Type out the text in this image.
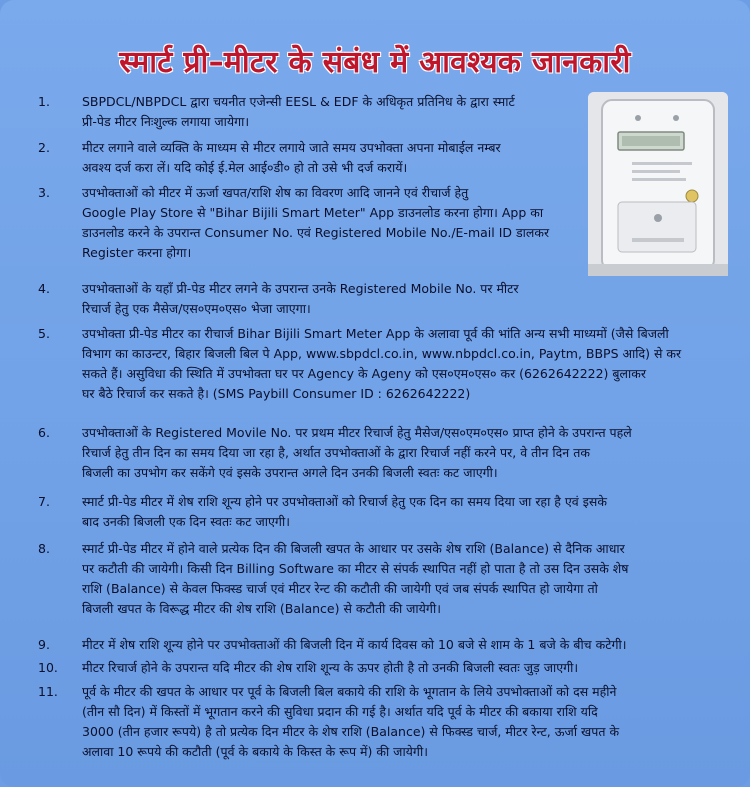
स्मार्ट प्री–मीटर के संबंध में आवश्यक जानकारी
1.	SBPDCL/NBPDCL द्वारा चयनीत एजेन्सी EESL & EDF के अधिकृत प्रतिनिध के द्वारा स्मार्ट
प्री-पेड मीटर निःशुल्क लगाया जायेगा।
2.	मीटर लगाने वाले व्यक्ति के माध्यम से मीटर लगाये जाते समय उपभोक्ता अपना मोबाईल नम्बर
अवश्य दर्ज करा लें। यदि कोई ई.मेल आई०डी० हो तो उसे भी दर्ज करायें।
3.	उपभोक्ताओं को मीटर में ऊर्जा खपत/राशि शेष का विवरण आदि जानने एवं रीचार्ज हेतु
Google Play Store से "Bihar Bijili Smart Meter" App डाउनलोड करना होगा। App का
डाउनलोड करने के उपरान्त Consumer No. एवं Registered Mobile No./E-mail ID डालकर
Register करना होगा।
4.	उपभोक्ताओं के यहाँ प्री-पेड मीटर लगने के उपरान्त उनके Registered Mobile No. पर मीटर
रिचार्ज हेतु एक मैसेज/एस०एम०एस० भेजा जाएगा।
5.	उपभोक्ता प्री-पेड मीटर का रीचार्ज Bihar Bijili Smart Meter App के अलावा पूर्व की भांति अन्य सभी माध्यमों (जैसे बिजली
विभाग का काउन्टर, बिहार बिजली बिल पे App, www.sbpdcl.co.in, www.nbpdcl.co.in, Paytm, BBPS आदि) से कर
सकते हैं। असुविधा की स्थिति में उपभोक्ता घर पर Agency के Ageny को एस०एम०एस० कर (6262642222) बुलाकर
घर बैठे रिचार्ज कर सकते है। (SMS Paybill Consumer ID : 6262642222)
6.	उपभोक्ताओं के Registered Movile No. पर प्रथम मीटर रिचार्ज हेतु मैसेज/एस०एम०एस० प्राप्त होने के उपरान्त पहले
रिचार्ज हेतु तीन दिन का समय दिया जा रहा है, अर्थात उपभोक्ताओं के द्वारा रिचार्ज नहीं करने पर, वे तीन दिन तक
बिजली का उपभोग कर सकेंगे एवं इसके उपरान्त अगले दिन उनकी बिजली स्वतः कट जाएगी।
7.	स्मार्ट प्री-पेड मीटर में शेष राशि शून्य होने पर उपभोक्ताओं को रिचार्ज हेतु एक दिन का समय दिया जा रहा है एवं इसके
बाद उनकी बिजली एक दिन स्वतः कट जाएगी।
8.	स्मार्ट प्री-पेड मीटर में होने वाले प्रत्येक दिन की बिजली खपत के आधार पर उसके शेष राशि (Balance) से दैनिक आधार
पर कटौती की जायेगी। किसी दिन Billing Software का मीटर से संपर्क स्थापित नहीं हो पाता है तो उस दिन उसके शेष
राशि (Balance) से केवल फिक्स्ड चार्ज एवं मीटर रेन्ट की कटौती की जायेगी एवं जब संपर्क स्थापित हो जायेगा तो
बिजली खपत के विरूद्ध मीटर की शेष राशि (Balance) से कटौती की जायेगी।
9.	मीटर में शेष राशि शून्य होने पर उपभोक्ताओं की बिजली दिन में कार्य दिवस को 10 बजे से शाम के 1 बजे के बीच कटेगी।
10.	मीटर रिचार्ज होने के उपरान्त यदि मीटर की शेष राशि शून्य के ऊपर होती है तो उनकी बिजली स्वतः जुड़ जाएगी।
11.	पूर्व के मीटर की खपत के आधार पर पूर्व के बिजली बिल बकाये की राशि के भूगतान के लिये उपभोक्ताओं को दस महीने
(तीन सौ दिन) में किस्तों में भूगतान करने की सुविधा प्रदान की गई है। अर्थात यदि पूर्व के मीटर की बकाया राशि यदि
3000 (तीन हजार रूपये) है तो प्रत्येक दिन मीटर के शेष राशि (Balance) से फिक्स्ड चार्ज, मीटर रेन्ट, ऊर्जा खपत के
अलावा 10 रूपये की कटौती (पूर्व के बकाये के किस्त के रूप में) की जायेगी।
